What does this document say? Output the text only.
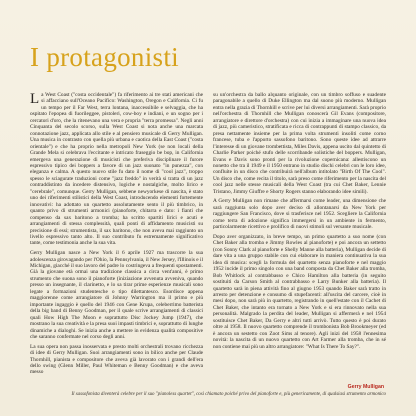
I protagonisti

La West Coast ("costa occidentale") fa riferimento ai tre stati americani che si affacciano sull'Oceano Pacifico: Washington, Oregon e California. Ci fu un tempo per il Far West, terra lontana, inaccessibile e selvaggia, che ha ospitato l'epopea di fuorileggee, pistoleri, cow-boy e indiani, e un sogno per i cercatori d'oro, che la ritenevano una vera e propria "terra promessa". Negli anni Cinquanta del secolo scorso, sulla West Coast si nota anche una marcata connotazione jazz, applicata allo stile e al pensiero musicale di Gerry Mulligan. Una musica in contrasto con quella più urbana e caotica della East Coast ("costa orientale") e che ha proprio nella metropoli New York (se non locali della Grande Mela si celebrava l'eccitante e intricato fraseggio be bop, in California emergeva una generazione di musicisti che preferiva disciplinare il furore espressivo tipico dei boppers a favore di un jazz suonato "in punezza", con eleganza e calma. A questo nuovo stile fu dato il nome di "cool jazz", troppo spesso le sciagurate traduzioni come "jazz freddo" in verità si tratta di un jazz contraddistinto da incedere distensivo, logiche e nostalgiche, molto lirico e "cerebrale", comunque. Gerry Mulligan, sebbene newyorkese di nascita, è stato uno dei riferimenti stilistici della West Coast, introducendo elementi fortemente innovativi: ha adottato un quartetto assolutamente sento il più timbrico, in quanto privo di strumenti armonici (pianoforte, chitarra e dato: i fianti che compenso da sax baritono a tromba; ha scritto spartiti lirici e acuti e arrangiamenti di stessa complessità, quali ponti di affidamento musicisti su precisione di essi; strumentista, il sax baritono, che non aveva mai raggiunto un livello espressivo tanto alto. Il suo contributo fu estremamente significativo tante, come testimonia anche la sua vita.

Gerry Mulligan nasce a New York il 6 aprile 1927 ma trascorre la sua adolescenza girovagando per l'Ohio, la Pennsylvania, il New Jersey, l'Illinois e il Michigan, giacché il suo lavoro del padre lo costringeva a frequenti spostamenti. Già la giovane età ormai una tradizione classica a circa vent'anni, è primo strumento che suona sono il pianoforte (iniziazione avvenuta avveniva, quando presso un insegnante, il clarinetto, e lo sa tirar prime esperienze musicali sono legate a formazioni studentesche o tipo dilettantesco. Esordisce appena maggiorenne come arrangiatore di Johnny Warrington ma il primo e più importante ingaggio è quello del 1946 con Gene Krupa, celeberrimo batterista della big band di Benny Goodman, per il quale scrive arrangiamenti di classici quali How High The Moon e soprattutto Disc Jockey Jump (1947), che mostrano la sua creatività e la presa suoi impasti timbrici e, soprattutto di lunghe dinamiche a dialoghi. Se inizia anche a mettere in evidenza qualità compositive che saranno confermate nel corso degli anni.

La sua opera non passa inosservata e presto molti orchestrali trovano ricchezza di idee di Gerry Mulligan. Suoi arrangiamenti sono in bilico anche per Claude Thornhill, pianista e compositore che aveva già lavorato con i grandi dell'era dello swing (Glenn Miller, Paul Whiteman e Benny Goodman) e che aveva messo

su un'orchestra da ballo alquanto originale, con un timbro soffuso e suadente paragonabile a quello di Duke Ellington ma dal suono più moderno. Mulligan entra nella grazia di Thornhill e scrive per lui diversi arrangiamenti. Sarà proprio nell'orchestra di Thornhill che Mulligan conoscerà Gil Evans (compositore, arrangiatore e direttore d'orchestra) con cui inizia a immaginare una nuova idea di jazz, più cameristico, stratificata e ricca di contrappunti di stampo classico, da presa nettamente insieme per la prima volta strumenti insoliti come corno francese, tuba e l'apporto sassofono baritono. Sono queste idee ad attrarre l'interesse di un giovane trombettista, Miles Davis, appena uscito dal quintetto di Charlie Parker poiché stufo delle scorribande solistiche del boppers. Mulligan, Evans e Davis sono pronti per la rivoluzione copernicana: allestiscono un nonetto che tra il 1949 e il 1950 entrano in studio dischi celebri con le loro idee, confluite in un disco che contribuirà nell'album intitolato "Birth Of The Cool". Un disco che, come recita il titolo, sarà preso come riferimento per la nascita del cool jazz nelle stesse musicali della West Coast (tra cui Chet Baker, Lennie Tristano, Jimmy Giuffre e Shorty Rogers stanno elaborando idee simili).

A Gerry Mulligan non rimane che affermarsi come leader, una dimensione che sarà raggiunta solo dopo aver deciso di allontanarsi da New York per raggiungere San Francisco, dove si trasferisce nel 1952. Scegliere la California come terra di adozione significa immergersi in un ambiente in fermento, particolarmente ricettivo e prolifico di nuovi stimoli sul versante musicale.

Dopo aver organizzato, in breve tempo, un primo quartetto a suo nome (con Chet Baker alla tromba e Jimmy Rowles al pianoforte) e poi ancora un settetto (con Sonny Clark al pianoforte e Shelly Manne alla batteria), Mulligan decide di dare vita a una gruppo stabile con cui elaborare in maniera continuativa la sua idea di musica: scegli la formula del quartetto senza pianoforte e nel maggio 1952 incide il primo singolo con una band composta da Chet Baker alla tromba, Bob Whitlock al contrabbasso e Chico Hamilton alla batteria (in seguito sostituiti da Carson Smith al contrabbasso e Larry Bunker alla batteria). Il quartetto sarà in piena attività fino al giugno 1953 quando Baker sarà tratto in arresto per detenzione e consumo di stupefacenti: all'uscita del carcere, cioè in mesi dopo, non sarà più in quartetto, registrando in quell'estate con il Cachet di Chet Baker, che intanto era tornato a New York e si era rinnovato nella sua personalità. Malgrado la perdita del leader, Mulligan si affermerà e nel 1954 sostituisce Chet Baker, Da Gerry e altri tutti arrivò. Tutto questo è poi durato oltre al 1958. Il nuovo quartetto comprende il trombonista Bob Brookmeyer (ed è ancora un sestetto con Zoot Sims al tenore). Agli inizi del 1958 l'ennesima novità: la nascita di un nuovo quartetto con Art Farmer alla tromba, che in sé non contiene mai più un altro arrangiatore: "What Is There To Say?".

Gerry Mulligan
Il sassofonista diventerà celebre per il suo "pianoless quartet", così chiamato poiché privo del pianoforte e, più genericamente, di qualsiasi strumento armonico
